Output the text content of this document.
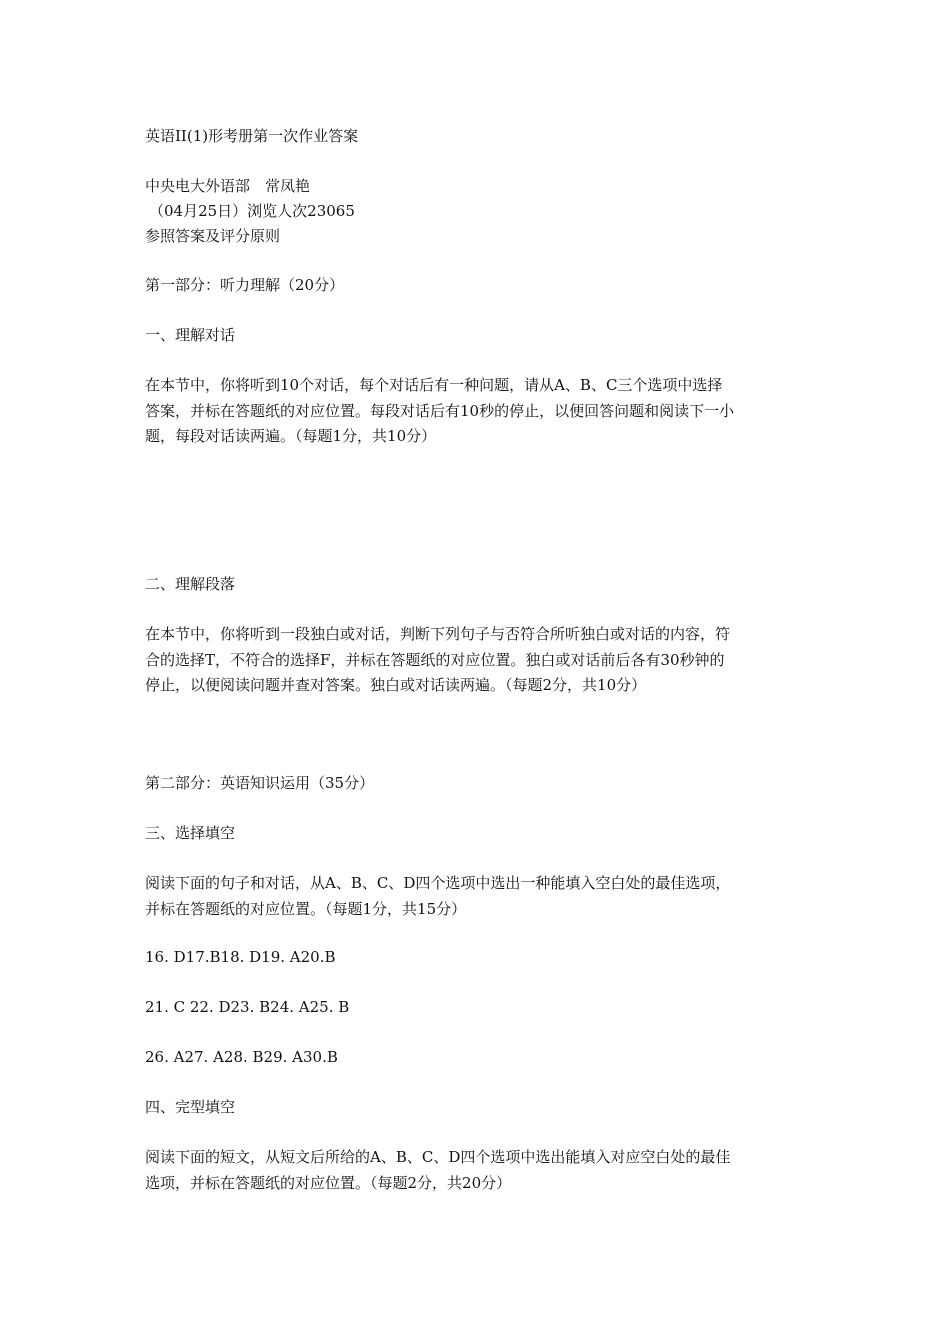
英语II(1)形考册第一次作业答案
中央电大外语部　常凤艳
（04月25日）浏览人次23065
参照答案及评分原则
第一部分：听力理解（20分）
一、理解对话
在本节中，你将听到10个对话，每个对话后有一种问题，请从A、B、C三个选项中选择
答案，并标在答题纸的对应位置。每段对话后有10秒的停止，以便回答问题和阅读下一小
题，每段对话读两遍。（每题1分，共10分）
二、理解段落
在本节中，你将听到一段独白或对话，判断下列句子与否符合所听独白或对话的内容，符
合的选择T，不符合的选择F，并标在答题纸的对应位置。独白或对话前后各有30秒钟的
停止，以便阅读问题并查对答案。独白或对话读两遍。（每题2分，共10分）
第二部分：英语知识运用（35分）
三、选择填空
阅读下面的句子和对话，从A、B、C、D四个选项中选出一种能填入空白处的最佳选项，
并标在答题纸的对应位置。（每题1分，共15分）
16. D17.B18. D19. A20.B
21. C 22. D23. B24. A25. B
26. A27. A28. B29. A30.B
四、完型填空
阅读下面的短文，从短文后所给的A、B、C、D四个选项中选出能填入对应空白处的最佳
选项，并标在答题纸的对应位置。（每题2分，共20分）
